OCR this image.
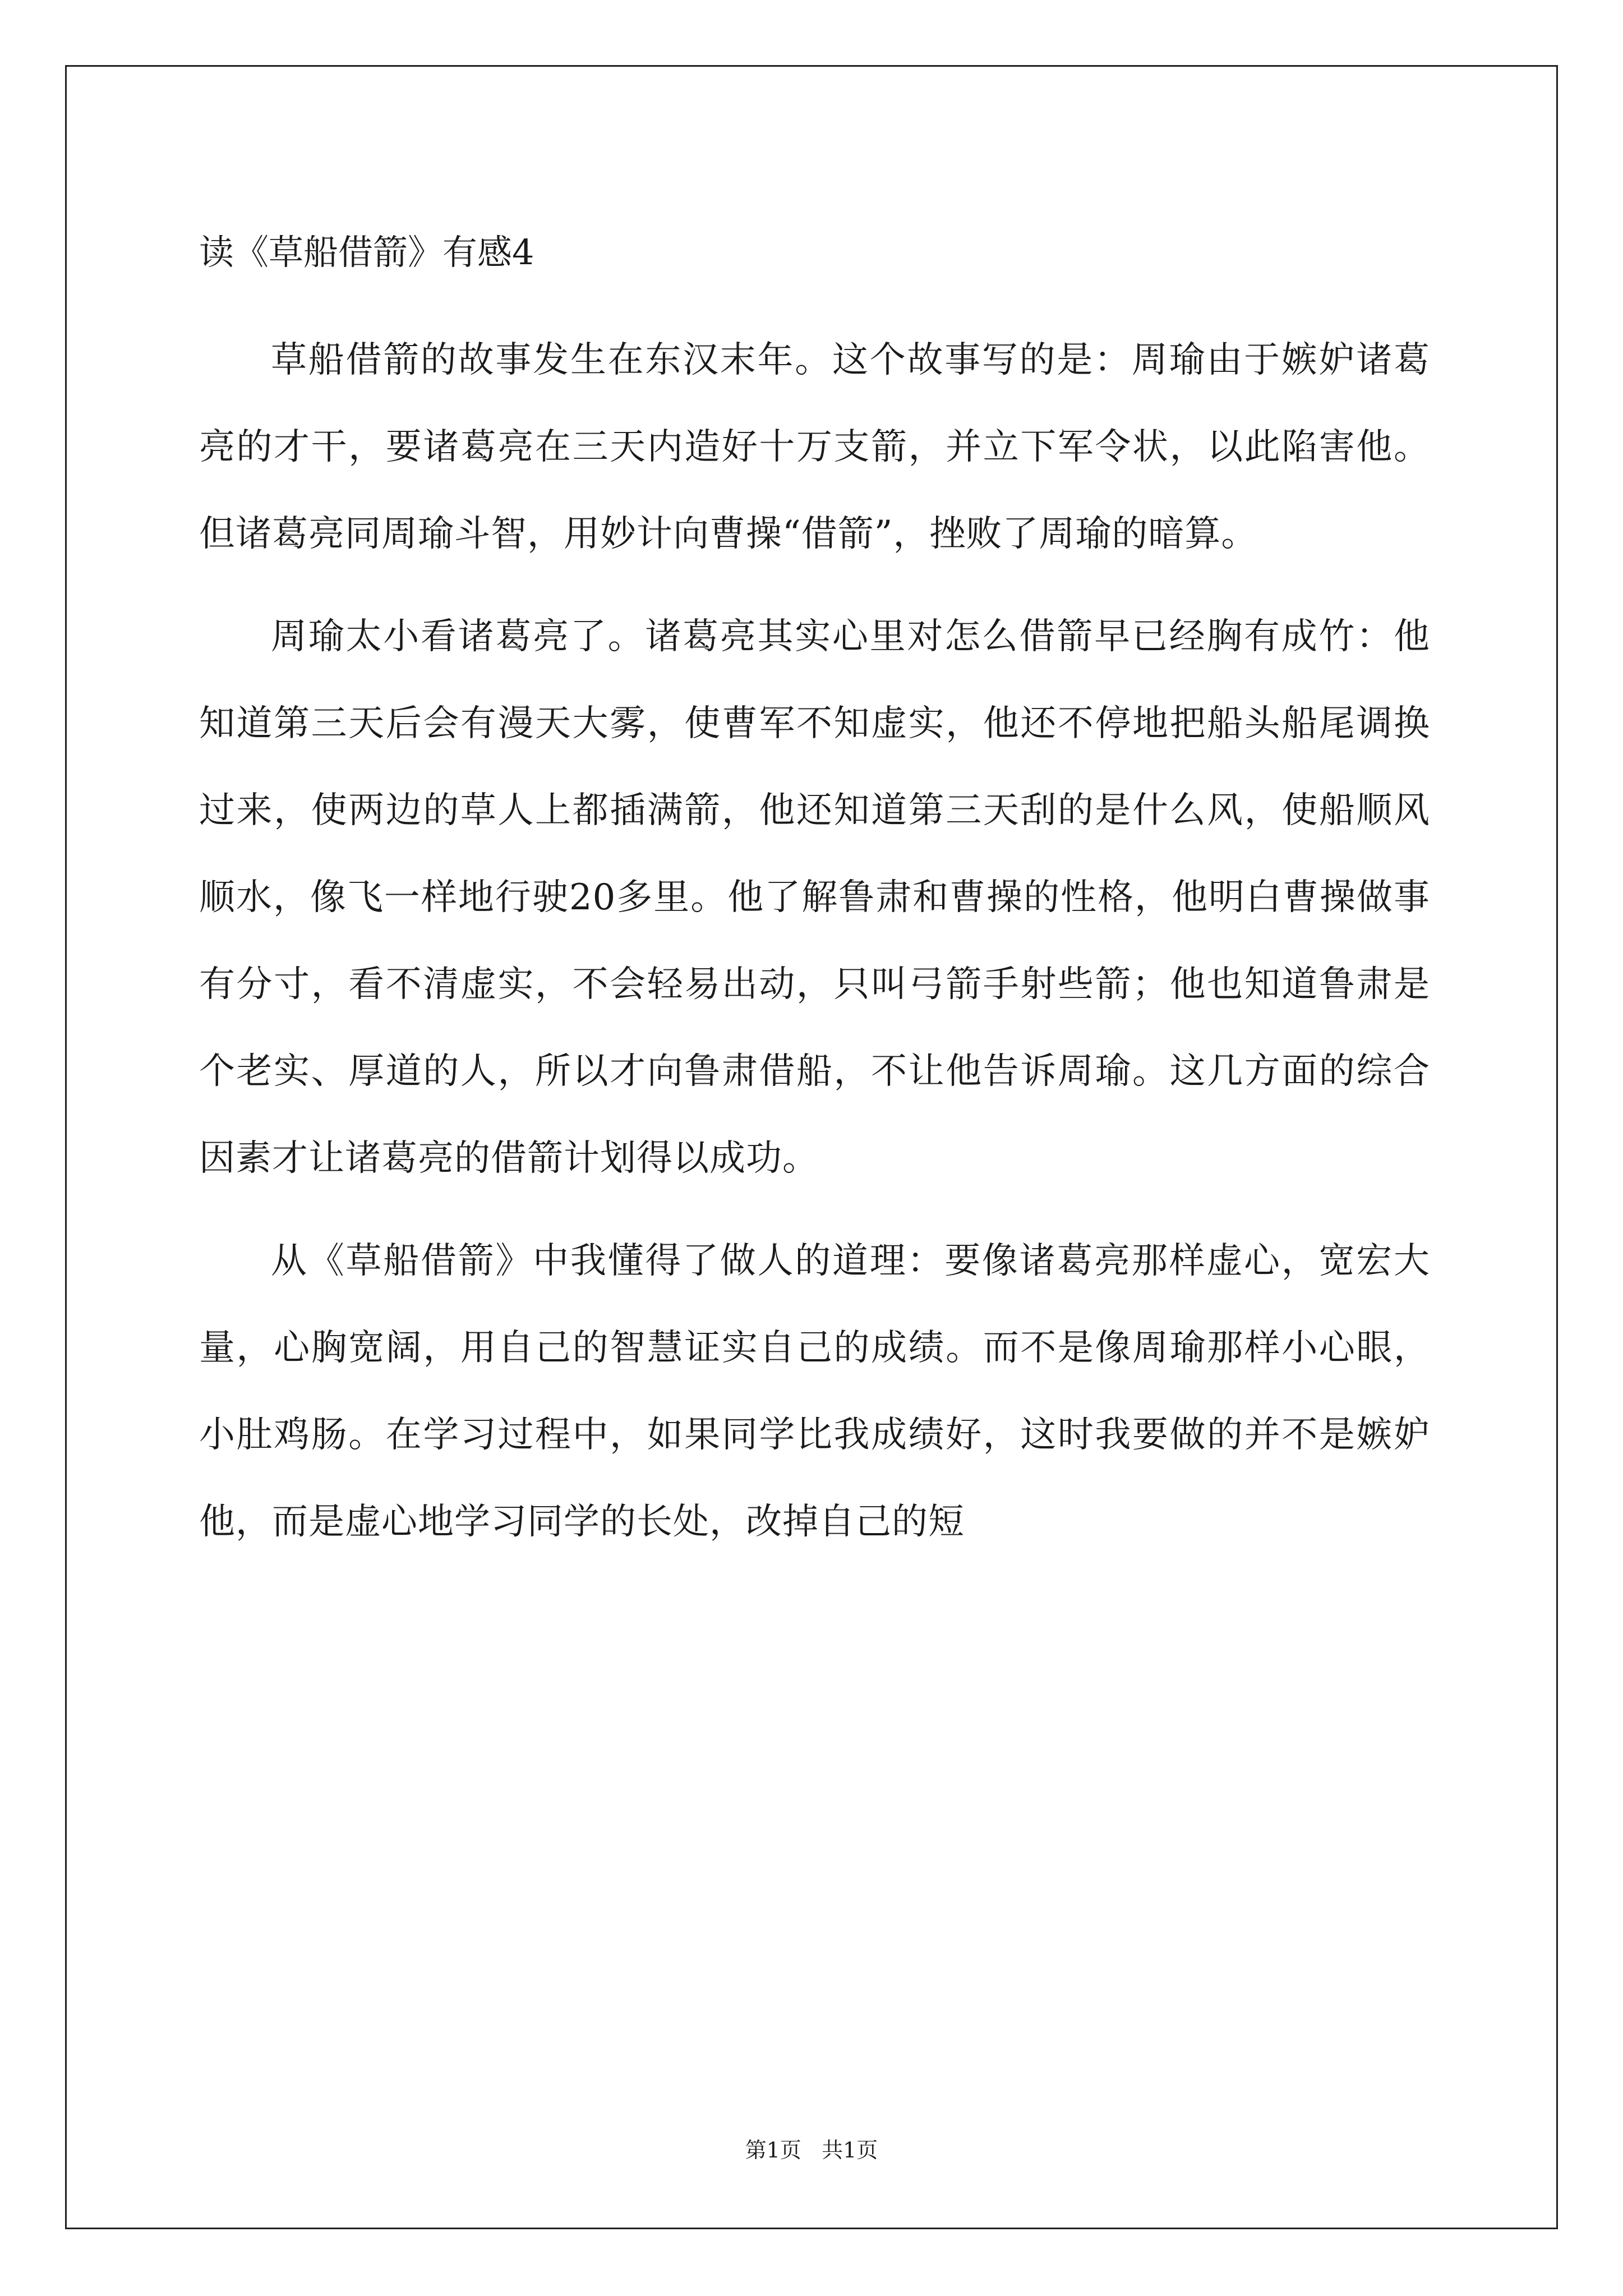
读《草船借箭》有感4

草船借箭的故事发生在东汉末年。这个故事写的是：周瑜由于嫉妒诸葛亮的才干，要诸葛亮在三天内造好十万支箭，并立下军令状，以此陷害他。但诸葛亮同周瑜斗智，用妙计向曹操“借箭”，挫败了周瑜的暗算。

周瑜太小看诸葛亮了。诸葛亮其实心里对怎么借箭早已经胸有成竹：他知道第三天后会有漫天大雾，使曹军不知虚实，他还不停地把船头船尾调换过来，使两边的草人上都插满箭，他还知道第三天刮的是什么风，使船顺风顺水，像飞一样地行驶20多里。他了解鲁肃和曹操的性格，他明白曹操做事有分寸，看不清虚实，不会轻易出动，只叫弓箭手射些箭；他也知道鲁肃是个老实、厚道的人，所以才向鲁肃借船，不让他告诉周瑜。这几方面的综合因素才让诸葛亮的借箭计划得以成功。

从《草船借箭》中我懂得了做人的道理：要像诸葛亮那样虚心，宽宏大量，心胸宽阔，用自己的智慧证实自己的成绩。而不是像周瑜那样小心眼，小肚鸡肠。在学习过程中，如果同学比我成绩好，这时我要做的并不是嫉妒他，而是虚心地学习同学的长处，改掉自己的短

第1页   共1页
